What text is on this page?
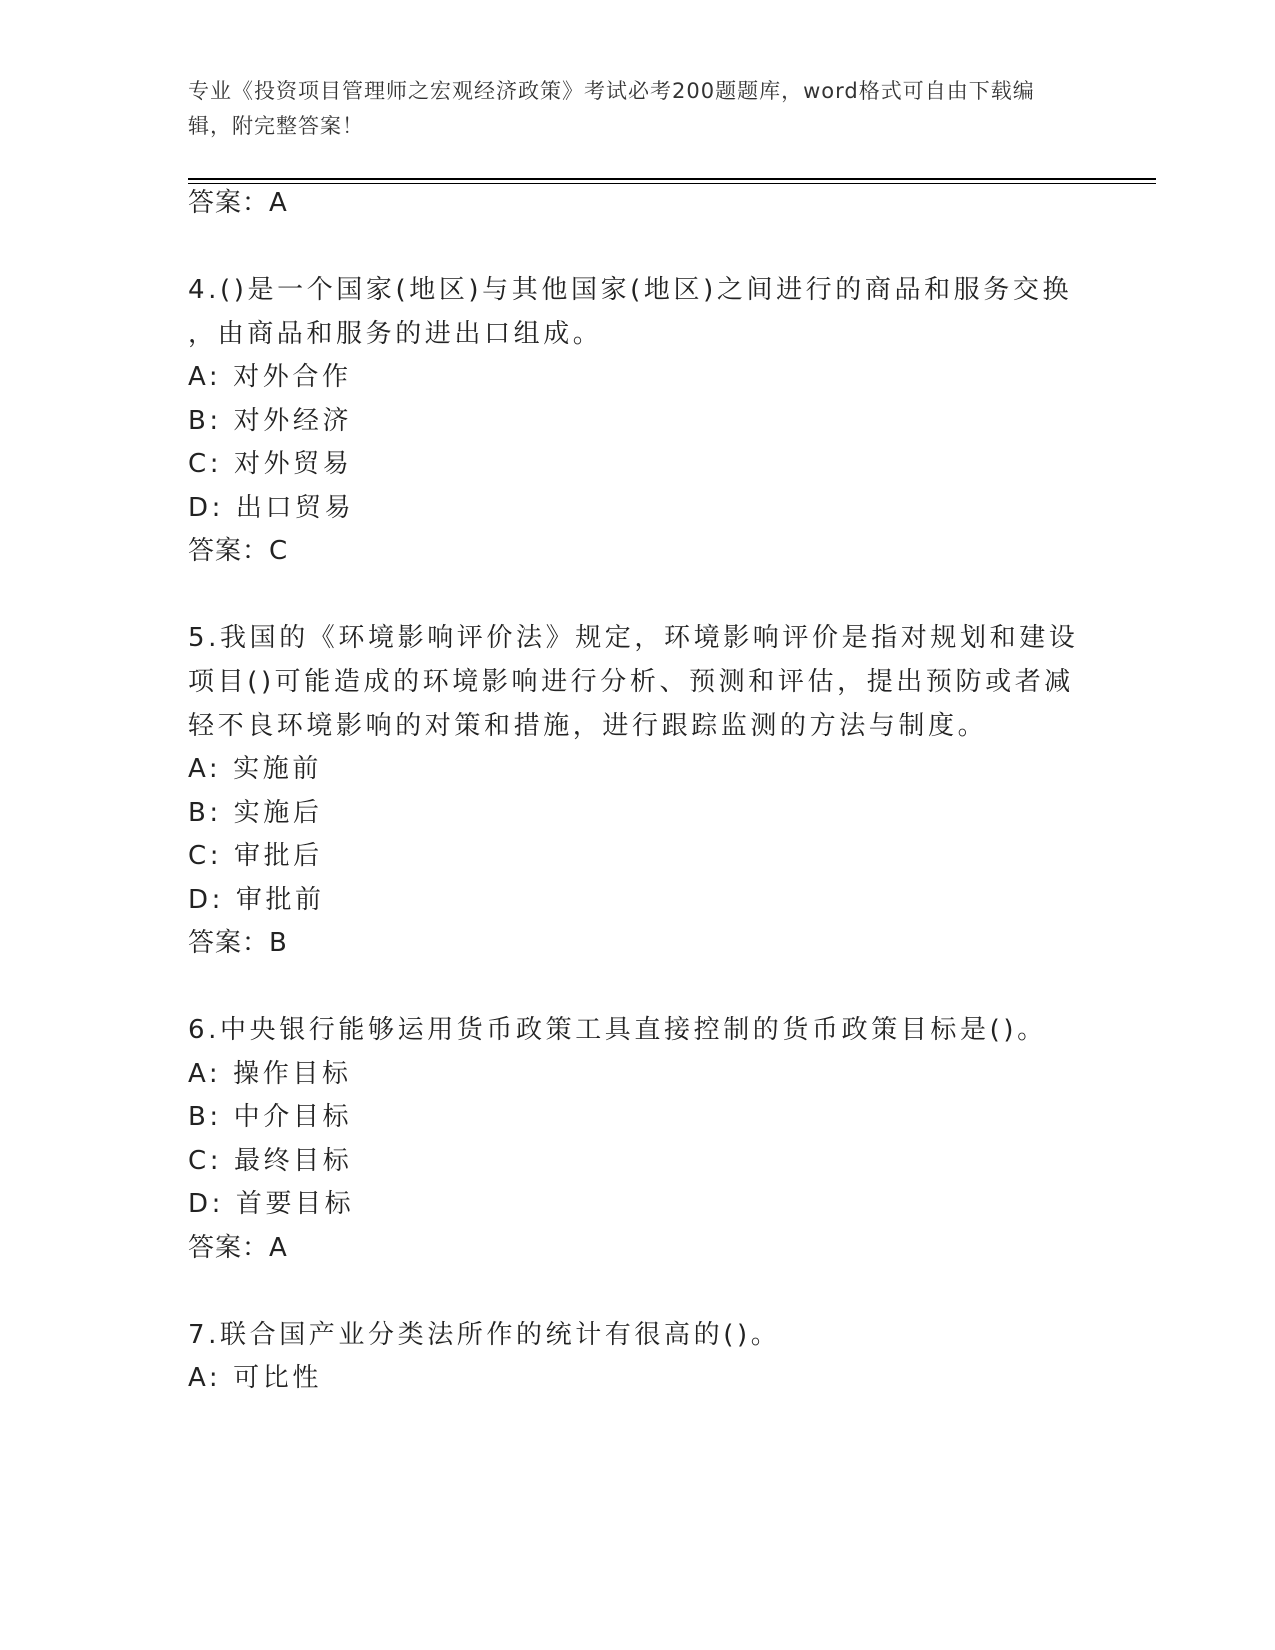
专业《投资项目管理师之宏观经济政策》考试必考200题题库，word格式可自由下载编辑，附完整答案！
答案：A
4.()是一个国家(地区)与其他国家(地区)之间进行的商品和服务交换
，由商品和服务的进出口组成。
A: 对外合作
B: 对外经济
C: 对外贸易
D: 出口贸易
答案：C
5.我国的《环境影响评价法》规定，环境影响评价是指对规划和建设
项目()可能造成的环境影响进行分析、预测和评估，提出预防或者减
轻不良环境影响的对策和措施，进行跟踪监测的方法与制度。
A: 实施前
B: 实施后
C: 审批后
D: 审批前
答案：B
6.中央银行能够运用货币政策工具直接控制的货币政策目标是()。
A: 操作目标
B: 中介目标
C: 最终目标
D: 首要目标
答案：A
7.联合国产业分类法所作的统计有很高的()。
A: 可比性
